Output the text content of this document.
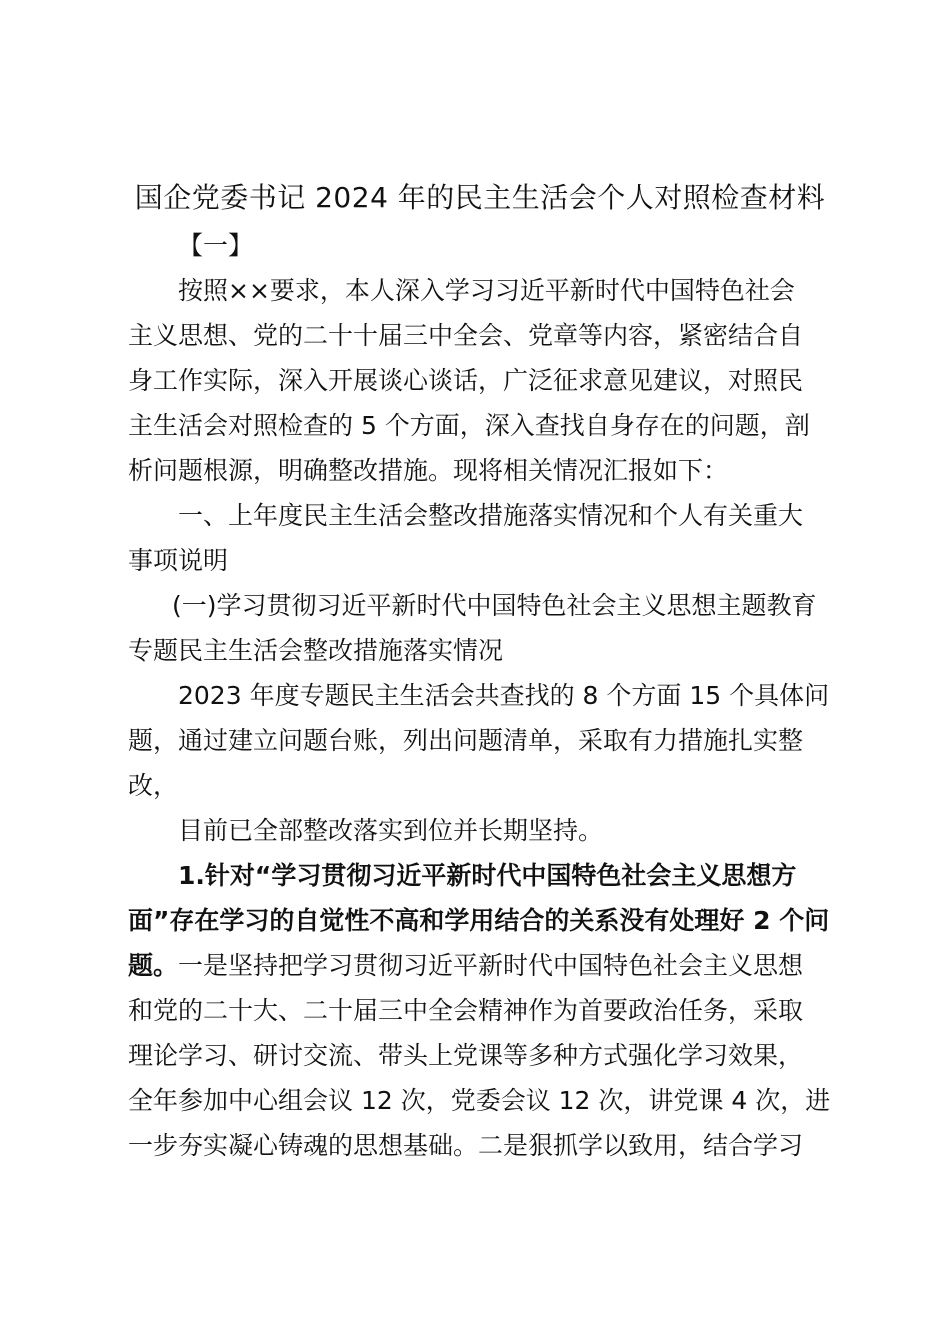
国企党委书记 2024 年的民主生活会个人对照检查材料
【一】
按照××要求，本人深入学习习近平新时代中国特色社会
主义思想、党的二十十届三中全会、党章等内容，紧密结合自
身工作实际，深入开展谈心谈话，广泛征求意见建议，对照民
主生活会对照检查的 5 个方面，深入查找自身存在的问题，剖
析问题根源，明确整改措施。现将相关情况汇报如下：
一、上年度民主生活会整改措施落实情况和个人有关重大
事项说明
(一)学习贯彻习近平新时代中国特色社会主义思想主题教育
专题民主生活会整改措施落实情况
2023 年度专题民主生活会共查找的 8 个方面 15 个具体问
题，通过建立问题台账，列出问题清单，采取有力措施扎实整
改，
目前已全部整改落实到位并长期坚持。
1.针对“学习贯彻习近平新时代中国特色社会主义思想方
面”存在学习的自觉性不高和学用结合的关系没有处理好 2 个问
题。一是坚持把学习贯彻习近平新时代中国特色社会主义思想
和党的二十大、二十届三中全会精神作为首要政治任务，采取
理论学习、研讨交流、带头上党课等多种方式强化学习效果，
全年参加中心组会议 12 次，党委会议 12 次，讲党课 4 次，进
一步夯实凝心铸魂的思想基础。二是狠抓学以致用，结合学习
